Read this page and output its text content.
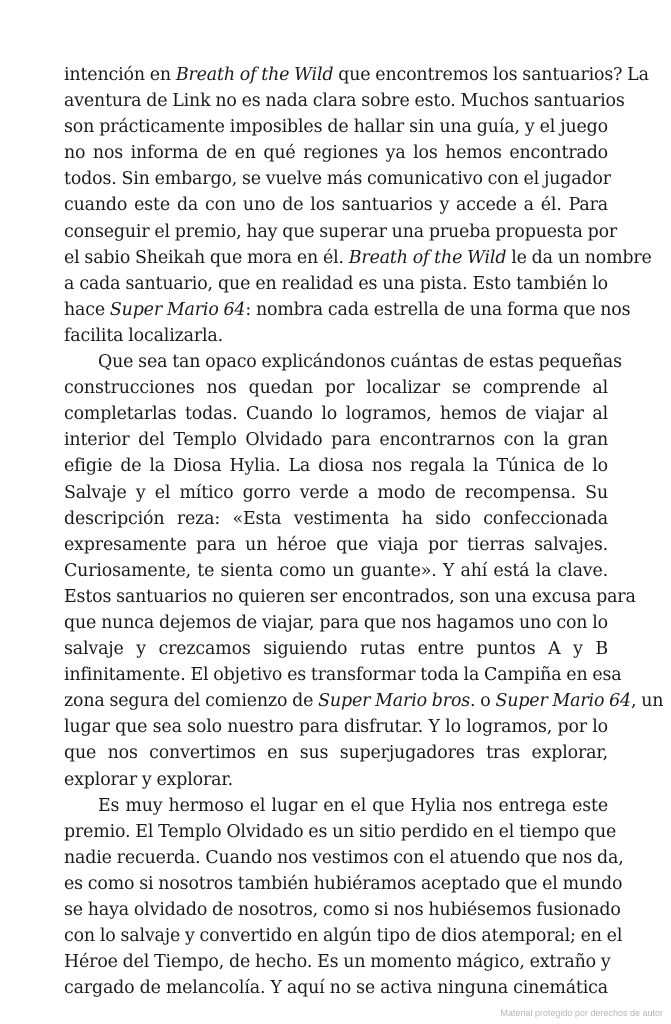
intención en Breath of the Wild que encontremos los santuarios? La
aventura de Link no es nada clara sobre esto. Muchos santuarios
son prácticamente imposibles de hallar sin una guía, y el juego
no nos informa de en qué regiones ya los hemos encontrado
todos. Sin embargo, se vuelve más comunicativo con el jugador
cuando este da con uno de los santuarios y accede a él. Para
conseguir el premio, hay que superar una prueba propuesta por
el sabio Sheikah que mora en él. Breath of the Wild le da un nombre
a cada santuario, que en realidad es una pista. Esto también lo
hace Super Mario 64: nombra cada estrella de una forma que nos
facilita localizarla.
Que sea tan opaco explicándonos cuántas de estas pequeñas
construcciones nos quedan por localizar se comprende al
completarlas todas. Cuando lo logramos, hemos de viajar al
interior del Templo Olvidado para encontrarnos con la gran
efigie de la Diosa Hylia. La diosa nos regala la Túnica de lo
Salvaje y el mítico gorro verde a modo de recompensa. Su
descripción reza: «Esta vestimenta ha sido confeccionada
expresamente para un héroe que viaja por tierras salvajes.
Curiosamente, te sienta como un guante». Y ahí está la clave.
Estos santuarios no quieren ser encontrados, son una excusa para
que nunca dejemos de viajar, para que nos hagamos uno con lo
salvaje y crezcamos siguiendo rutas entre puntos A y B
infinitamente. El objetivo es transformar toda la Campiña en esa
zona segura del comienzo de Super Mario bros. o Super Mario 64, un
lugar que sea solo nuestro para disfrutar. Y lo logramos, por lo
que nos convertimos en sus superjugadores tras explorar,
explorar y explorar.
Es muy hermoso el lugar en el que Hylia nos entrega este
premio. El Templo Olvidado es un sitio perdido en el tiempo que
nadie recuerda. Cuando nos vestimos con el atuendo que nos da,
es como si nosotros también hubiéramos aceptado que el mundo
se haya olvidado de nosotros, como si nos hubiésemos fusionado
con lo salvaje y convertido en algún tipo de dios atemporal; en el
Héroe del Tiempo, de hecho. Es un momento mágico, extraño y
cargado de melancolía. Y aquí no se activa ninguna cinemática
Material protegido por derechos de autor
